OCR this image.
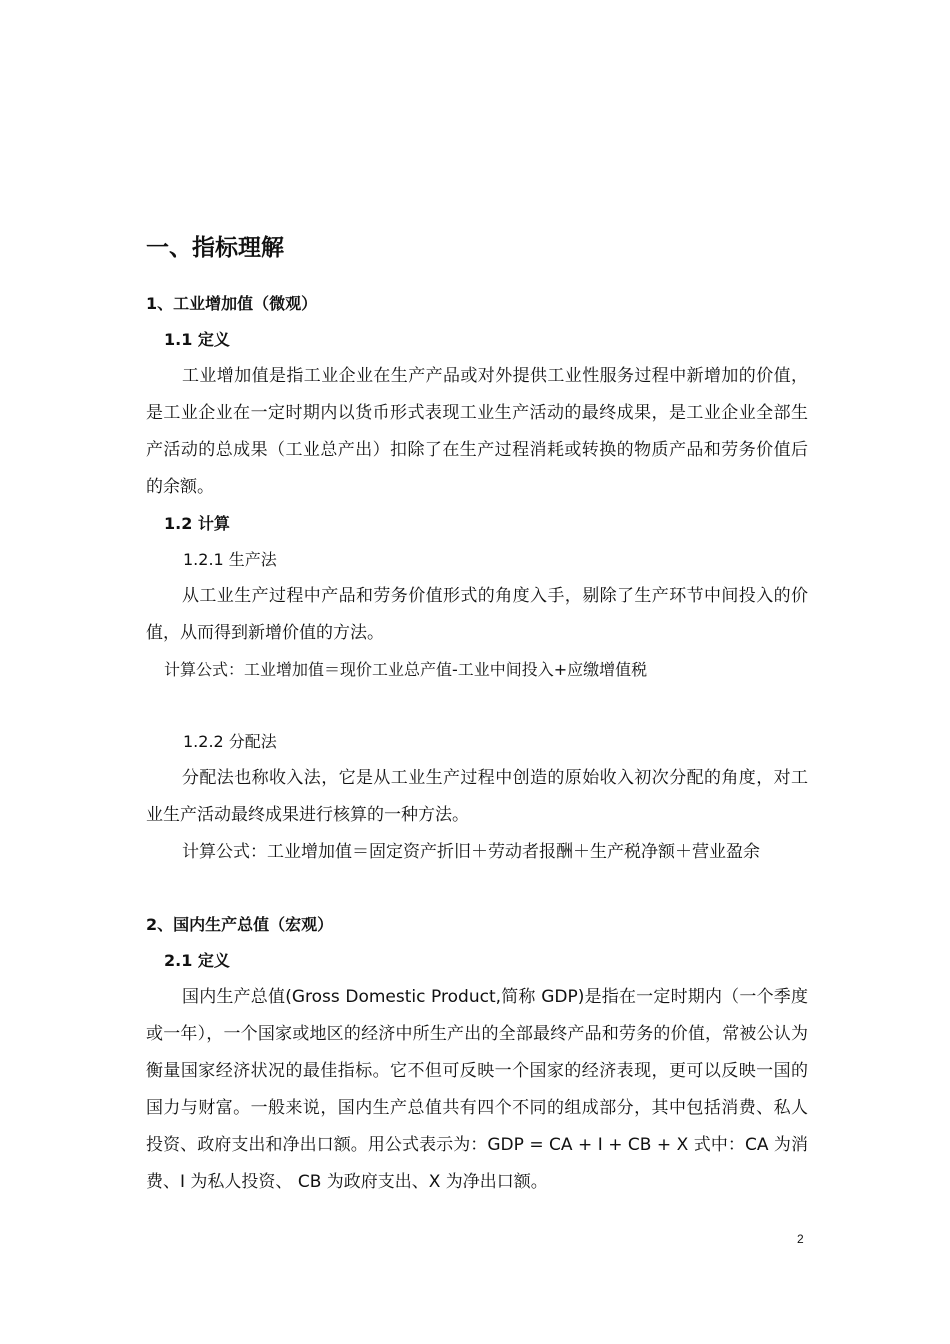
一、指标理解
1、工业增加值（微观）
1.1 定义

工业增加值是指工业企业在生产产品或对外提供工业性服务过程中新增加的价值，是工业企业在一定时期内以货币形式表现工业生产活动的最终成果，是工业企业全部生产活动的总成果（工业总产出）扣除了在生产过程消耗或转换的物质产品和劳务价值后的余额。

1.2 计算
1.2.1 生产法

从工业生产过程中产品和劳务价值形式的角度入手，剔除了生产环节中间投入的价值，从而得到新增价值的方法。

计算公式：工业增加值＝现价工业总产值-工业中间投入+应缴增值税
1.2.2 分配法

分配法也称收入法，它是从工业生产过程中创造的原始收入初次分配的角度，对工业生产活动最终成果进行核算的一种方法。

计算公式：工业增加值＝固定资产折旧＋劳动者报酬＋生产税净额＋营业盈余

2、国内生产总值（宏观）
2.1 定义

国内生产总值(Gross Domestic Product,简称 GDP)是指在一定时期内（一个季度或一年），一个国家或地区的经济中所生产出的全部最终产品和劳务的价值，常被公认为衡量国家经济状况的最佳指标。它不但可反映一个国家的经济表现，更可以反映一国的国力与财富。一般来说，国内生产总值共有四个不同的组成部分，其中包括消费、私人投资、政府支出和净出口额。用公式表示为：GDP = CA + I + CB + X 式中：CA 为消费、I 为私人投资、 CB 为政府支出、X 为净出口额。

2
